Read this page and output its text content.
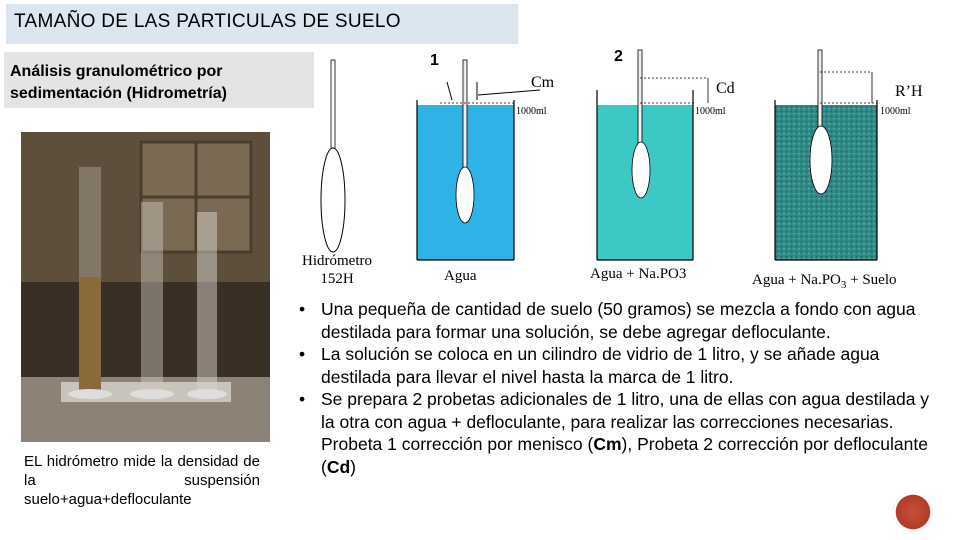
TAMAÑO DE LAS PARTICULAS DE SUELO
Análisis granulométrico por
sedimentación (Hidrometría)
EL hidrómetro mide la densidad de la suspensión suelo+agua+defloculante
1	2
Cm	Cd	R’H
1000ml	1000ml	1000ml
Hidrómetro
152H	Agua	Agua + Na.PO3	Agua + $Na.PO_3$ + Suelo
• Una pequeña de cantidad de suelo (50 gramos) se mezcla a fondo con agua destilada para formar una solución, se debe agregar defloculante.
• La solución se coloca en un cilindro de vidrio de 1 litro, y se añade agua destilada para llevar el nivel hasta la marca de 1 litro.
• Se prepara 2 probetas adicionales de 1 litro, una de ellas con agua destilada y la otra con agua + defloculante, para realizar las correcciones necesarias. Probeta 1 corrección por menisco (Cm), Probeta 2 corrección por defloculante (Cd)
